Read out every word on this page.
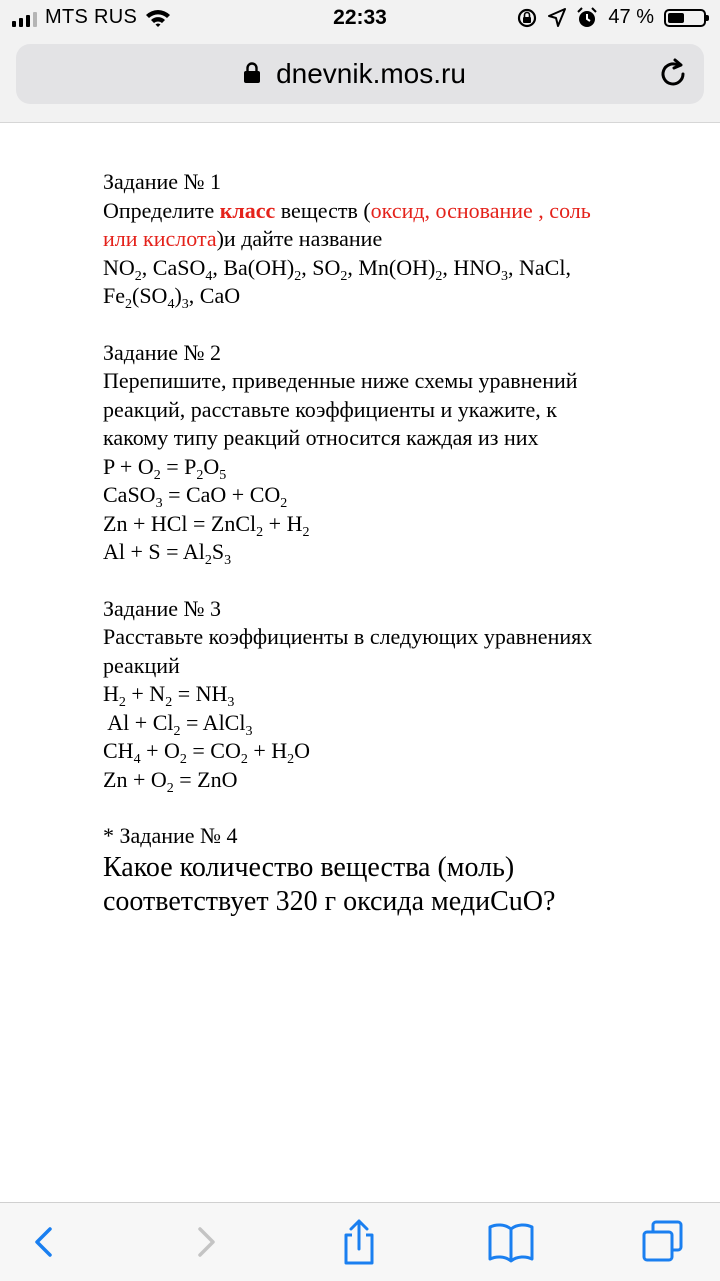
MTS RUS	22:33	47 %
dnevnik.mos.ru

Задание № 1

Определите класс веществ (оксид, основание , соль

или кислота)и дайте название

$NO_2$, CaSO$_4$, $Ba(OH)_2$, $SO_2$, $Mn(OH)_2$, $HNO_3$, NaCl,

$Fe_2(SO_4)_3$, CaO

Задание № 2

Перепишите, приведенные ниже схемы уравнений

реакций, расставьте коэффициенты и укажите, к

какому типу реакций относится каждая из них

$P + O_2 = P_2O_5$

CaSO$_3$ = CaO + $CO_2$

Zn + HCl = ZnCl$_2$ + $H_2$

$Al + S = Al_2S_3$

Задание № 3

Расставьте коэффициенты в следующих уравнениях

реакций

$H_2 + N_2 = NH_3$

$Al + Cl_2$ = AlCl$_3$

$CH_4 + O_2 = CO_2 + H_2O$

$Zn + O_2$ = ZnO

* Задание № 4

Какое количество вещества (моль)

соответствует 320 г оксида медиCuO?
